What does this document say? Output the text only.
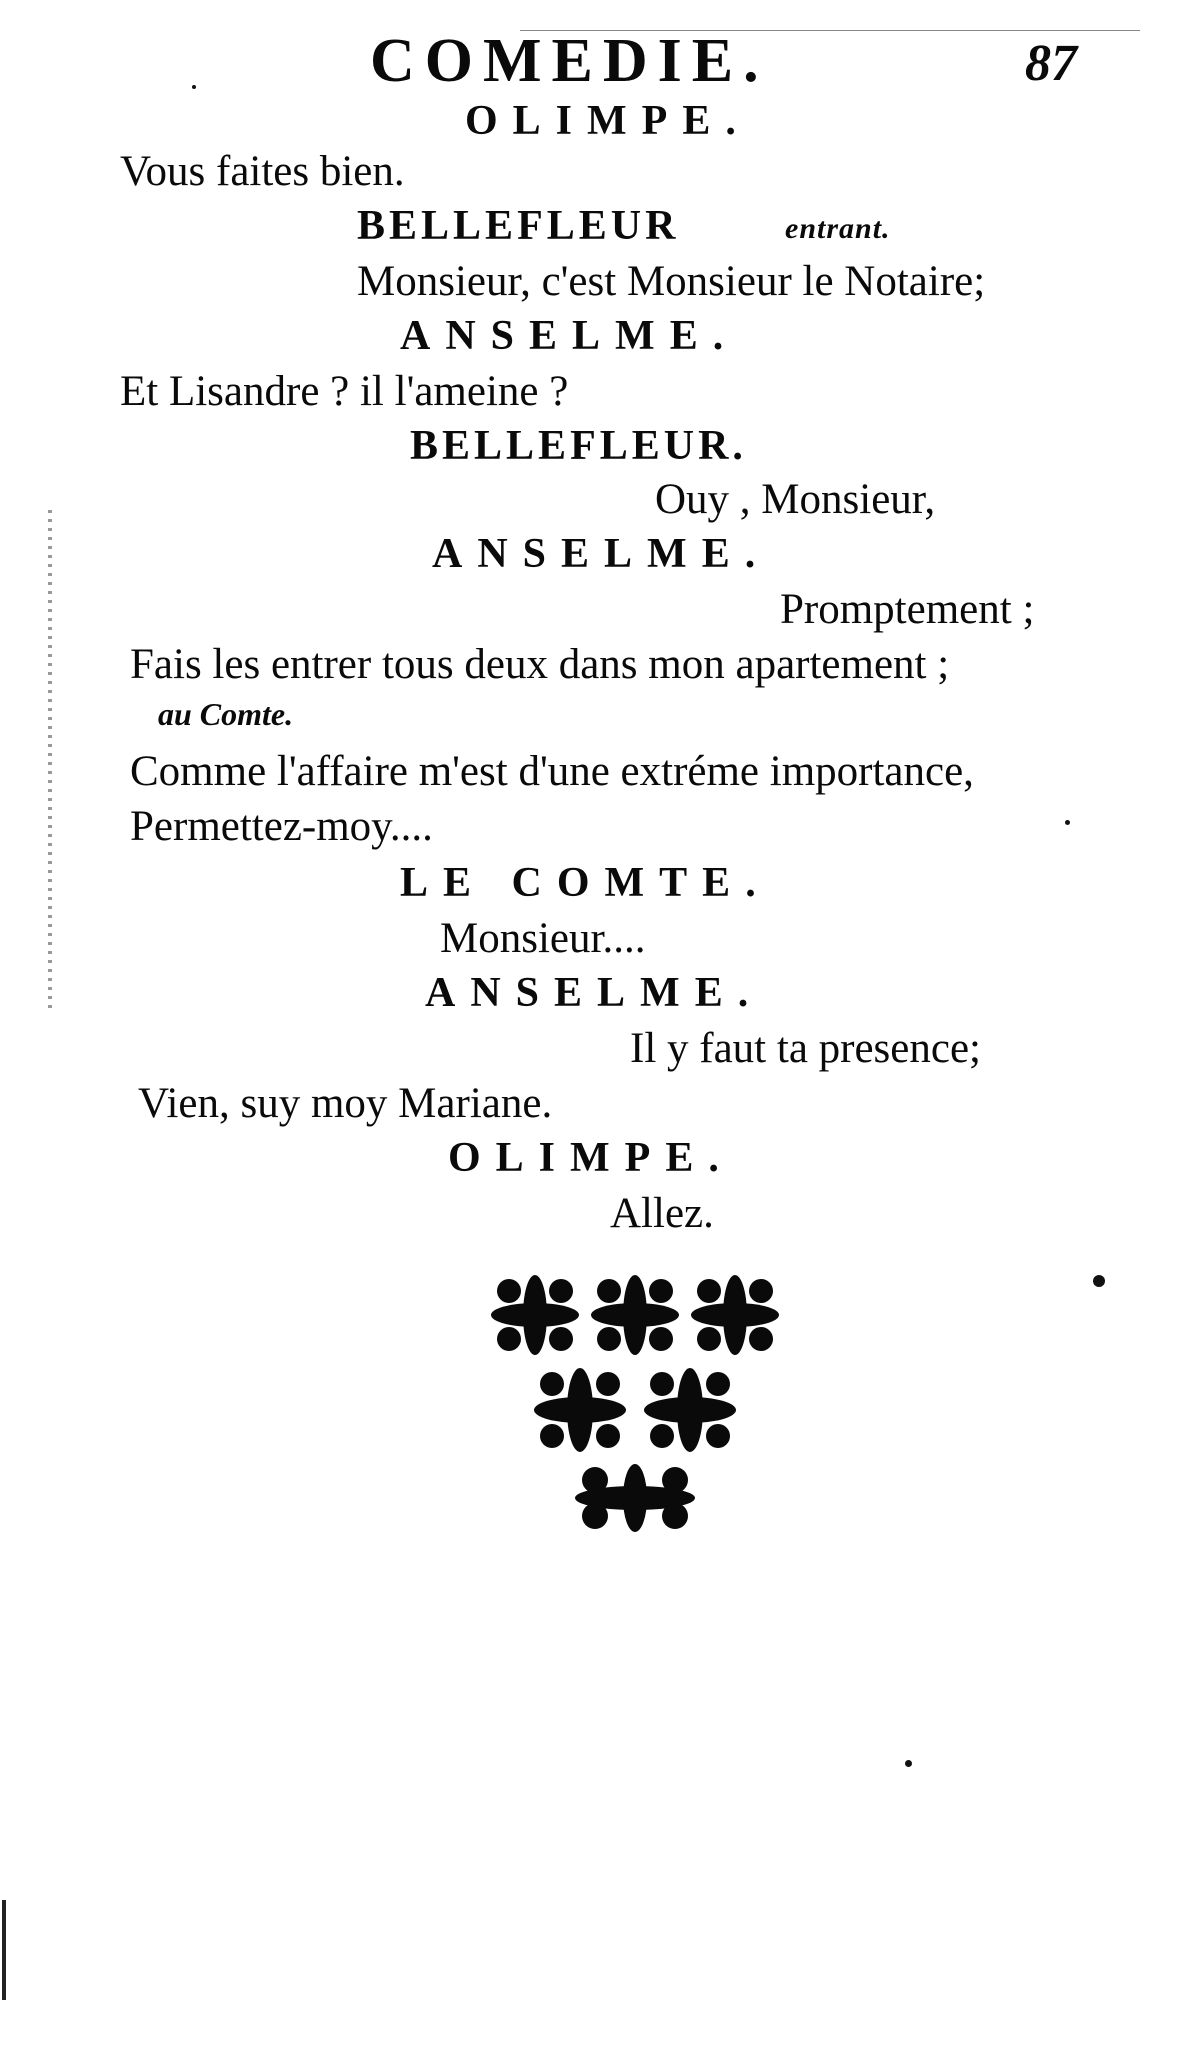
COMEDIE.	87
OLIMPE.
Vous faites bien.
BELLEFLEUR	entrant.
Monsieur, c'est Monsieur le Notaire;
ANSELME.
Et Lisandre ? il l'ameine ?
BELLEFLEUR.
Ouy , Monsieur,
ANSELME.
Promptement ;
Fais les entrer tous deux dans mon apartement ;
au Comte.
Comme l'affaire m'est d'une extréme importance,
Permettez-moy....
LE COMTE.
Monsieur....
ANSELME.
Il y faut ta presence;
Vien, suy moy Mariane.
OLIMPE.
Allez.
